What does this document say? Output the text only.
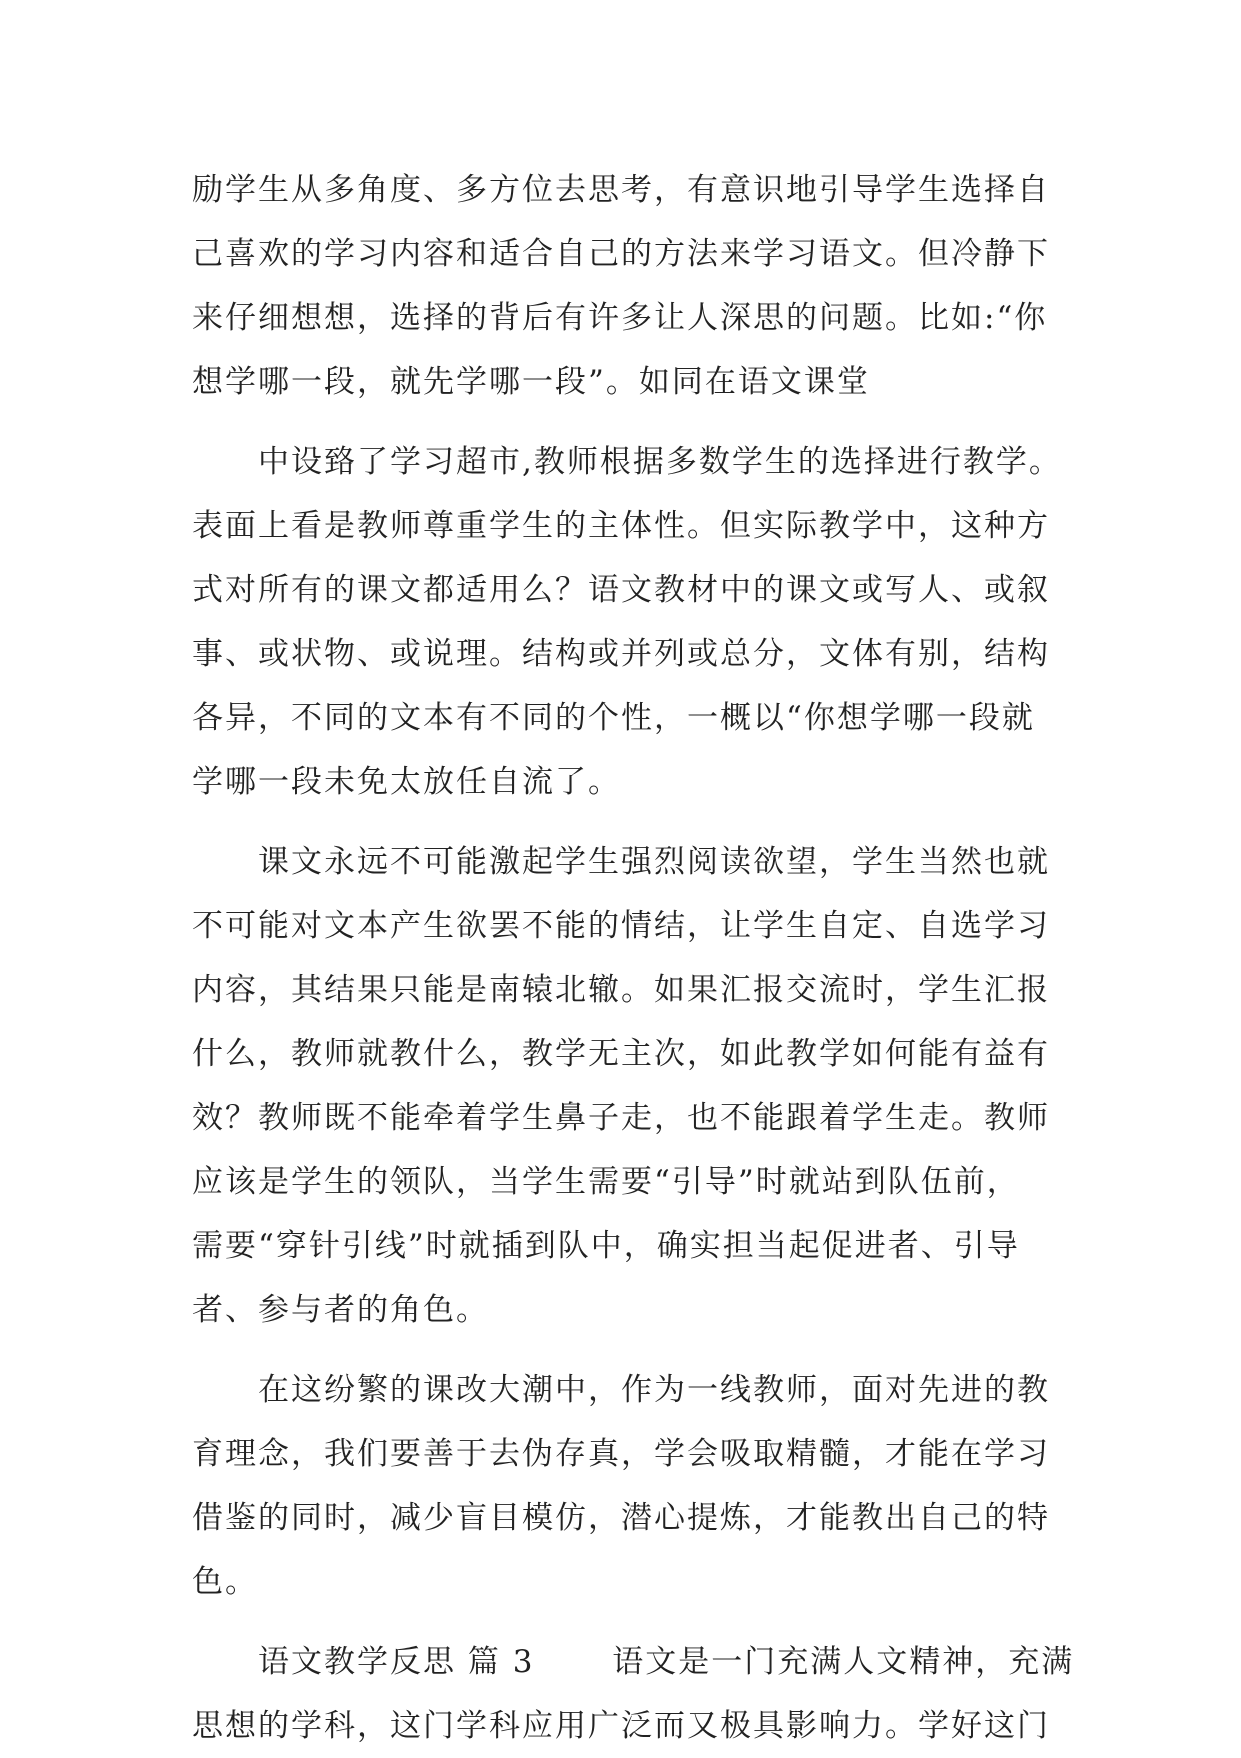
励学生从多角度、多方位去思考，有意识地引导学生选择自
己喜欢的学习内容和适合自己的方法来学习语文。但冷静下
来仔细想想，选择的背后有许多让人深思的问题。比如:“你
想学哪一段，就先学哪一段”。如同在语文课堂
　　中设臵了学习超市,教师根据多数学生的选择进行教学。
表面上看是教师尊重学生的主体性。但实际教学中，这种方
式对所有的课文都适用么？语文教材中的课文或写人、或叙
事、或状物、或说理。结构或并列或总分，文体有别，结构
各异，不同的文本有不同的个性，一概以“你想学哪一段就
学哪一段未免太放任自流了。
　　课文永远不可能激起学生强烈阅读欲望，学生当然也就
不可能对文本产生欲罢不能的情结，让学生自定、自选学习
内容，其结果只能是南辕北辙。如果汇报交流时，学生汇报
什么，教师就教什么，教学无主次，如此教学如何能有益有
效？教师既不能牵着学生鼻子走，也不能跟着学生走。教师
应该是学生的领队，当学生需要“引导”时就站到队伍前，
需要“穿针引线”时就插到队中，确实担当起促进者、引导
者、参与者的角色。
　　在这纷繁的课改大潮中，作为一线教师，面对先进的教
育理念，我们要善于去伪存真，学会吸取精髓，才能在学习
借鉴的同时，减少盲目模仿，潜心提炼，才能教出自己的特
色。
　　语文教学反思 篇 3　　 语文是一门充满人文精神，充满
思想的学科，这门学科应用广泛而又极具影响力。学好这门
